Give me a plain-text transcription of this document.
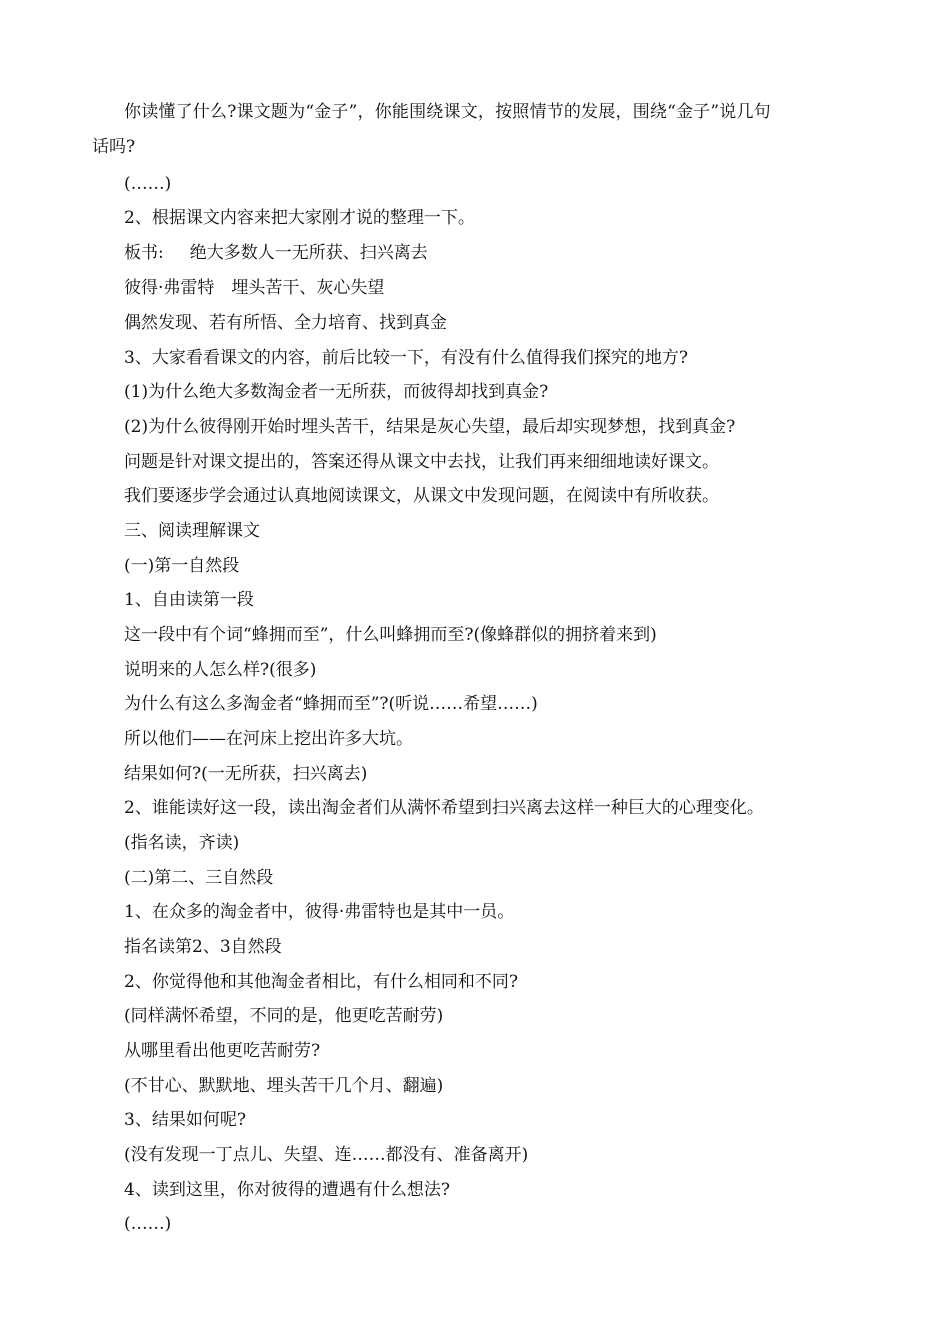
你读懂了什么?课文题为“金子”，你能围绕课文，按照情节的发展，围绕“金子”说几句
话吗?
(……)
2、根据课文内容来把大家刚才说的整理一下。
板书: 绝大多数人一无所获、扫兴离去
彼得·弗雷特　埋头苦干、灰心失望
偶然发现、若有所悟、全力培育、找到真金
3、大家看看课文的内容，前后比较一下，有没有什么值得我们探究的地方?
(1)为什么绝大多数淘金者一无所获，而彼得却找到真金?
(2)为什么彼得刚开始时埋头苦干，结果是灰心失望，最后却实现梦想，找到真金?
问题是针对课文提出的，答案还得从课文中去找，让我们再来细细地读好课文。
我们要逐步学会通过认真地阅读课文，从课文中发现问题，在阅读中有所收获。
三、阅读理解课文
(一)第一自然段
1、自由读第一段
这一段中有个词“蜂拥而至”，什么叫蜂拥而至?(像蜂群似的拥挤着来到)
说明来的人怎么样?(很多)
为什么有这么多淘金者“蜂拥而至”?(听说……希望……)
所以他们——在河床上挖出许多大坑。
结果如何?(一无所获，扫兴离去)
2、谁能读好这一段，读出淘金者们从满怀希望到扫兴离去这样一种巨大的心理变化。
(指名读，齐读)
(二)第二、三自然段
1、在众多的淘金者中，彼得·弗雷特也是其中一员。
指名读第2、3自然段
2、你觉得他和其他淘金者相比，有什么相同和不同?
(同样满怀希望，不同的是，他更吃苦耐劳)
从哪里看出他更吃苦耐劳?
(不甘心、默默地、埋头苦干几个月、翻遍)
3、结果如何呢?
(没有发现一丁点儿、失望、连……都没有、准备离开)
4、读到这里，你对彼得的遭遇有什么想法?
(……)
